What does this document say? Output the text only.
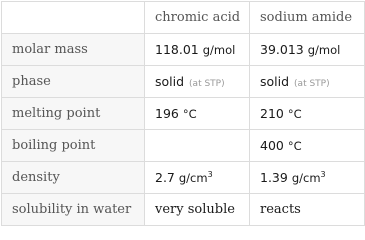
	chromic acid	sodium amide
molar mass	118.01 g/mol	39.013 g/mol
phase	solid (at STP)	solid (at STP)
melting point	196 °C	210 °C
boiling point		400 °C
density	2.7 $g/cm^3$	1.39 $g/cm^3$
solubility in water	very soluble	reacts
